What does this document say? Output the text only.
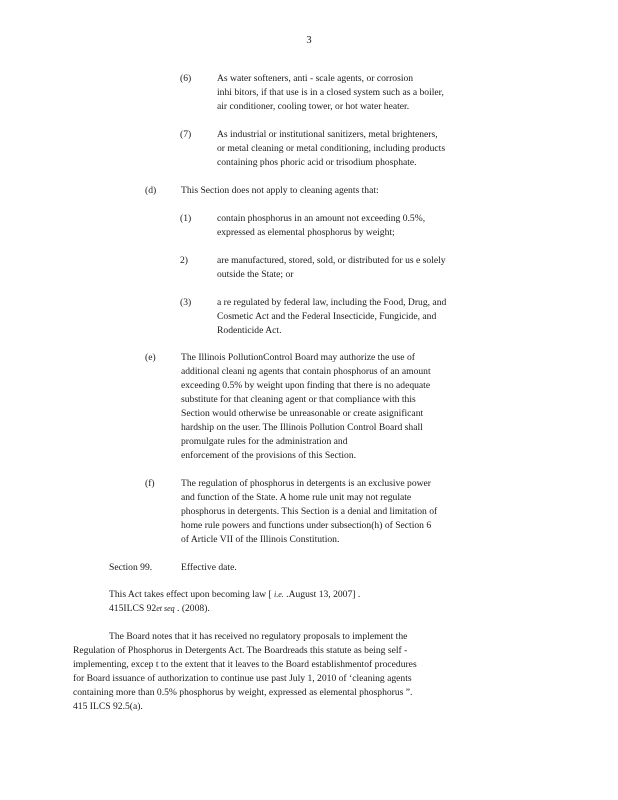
3
(6)	As water softeners, anti - scale agents, or corrosion
inhi bitors, if that use is in a closed system such as a boiler,
air conditioner, cooling tower, or hot water heater.
(7)	As industrial or institutional sanitizers, metal brighteners,
or metal cleaning or metal conditioning, including products
containing phos phoric acid or trisodium phosphate.
(d)	This Section does not apply to cleaning agents that:
(1)	contain phosphorus in an amount not exceeding 0.5%,
expressed as elemental phosphorus by weight;
2)	are manufactured, stored, sold, or distributed for us e solely
outside the State; or
(3)	a re regulated by federal law, including the Food, Drug, and
Cosmetic Act and the Federal Insecticide, Fungicide, and
Rodenticide Act.
(e)	The Illinois PollutionControl Board may authorize the use of
additional cleani ng agents that contain phosphorus of an amount
exceeding 0.5% by weight upon finding that there is no adequate
substitute for that cleaning agent or that compliance with this
Section would otherwise be unreasonable or create asignificant
hardship on the user. The Illinois Pollution Control Board shall
promulgate rules for the administration and
enforcement of the provisions of this Section.
(f)	The regulation of phosphorus in detergents is an exclusive power
and function of the State. A home rule unit may not regulate
phosphorus in detergents. This Section is a denial and limitation of
home rule powers and functions under subsection(h) of Section 6
of Article VII of the Illinois Constitution.
Section 99.	Effective date.
This Act takes effect upon becoming law [ i.e. .August 13, 2007] .
415ILCS 92et seq . (2008).
The Board notes that it has received no regulatory proposals to implement the
Regulation of Phosphorus in Detergents Act. The Boardreads this statute as being self -
implementing, excep t to the extent that it leaves to the Board establishmentof procedures
for Board issuance of authorization to continue use past July 1, 2010 of ‘cleaning agents
containing more than 0.5% phosphorus by weight, expressed as elemental phosphorus ”.
415 ILCS 92.5(a).
